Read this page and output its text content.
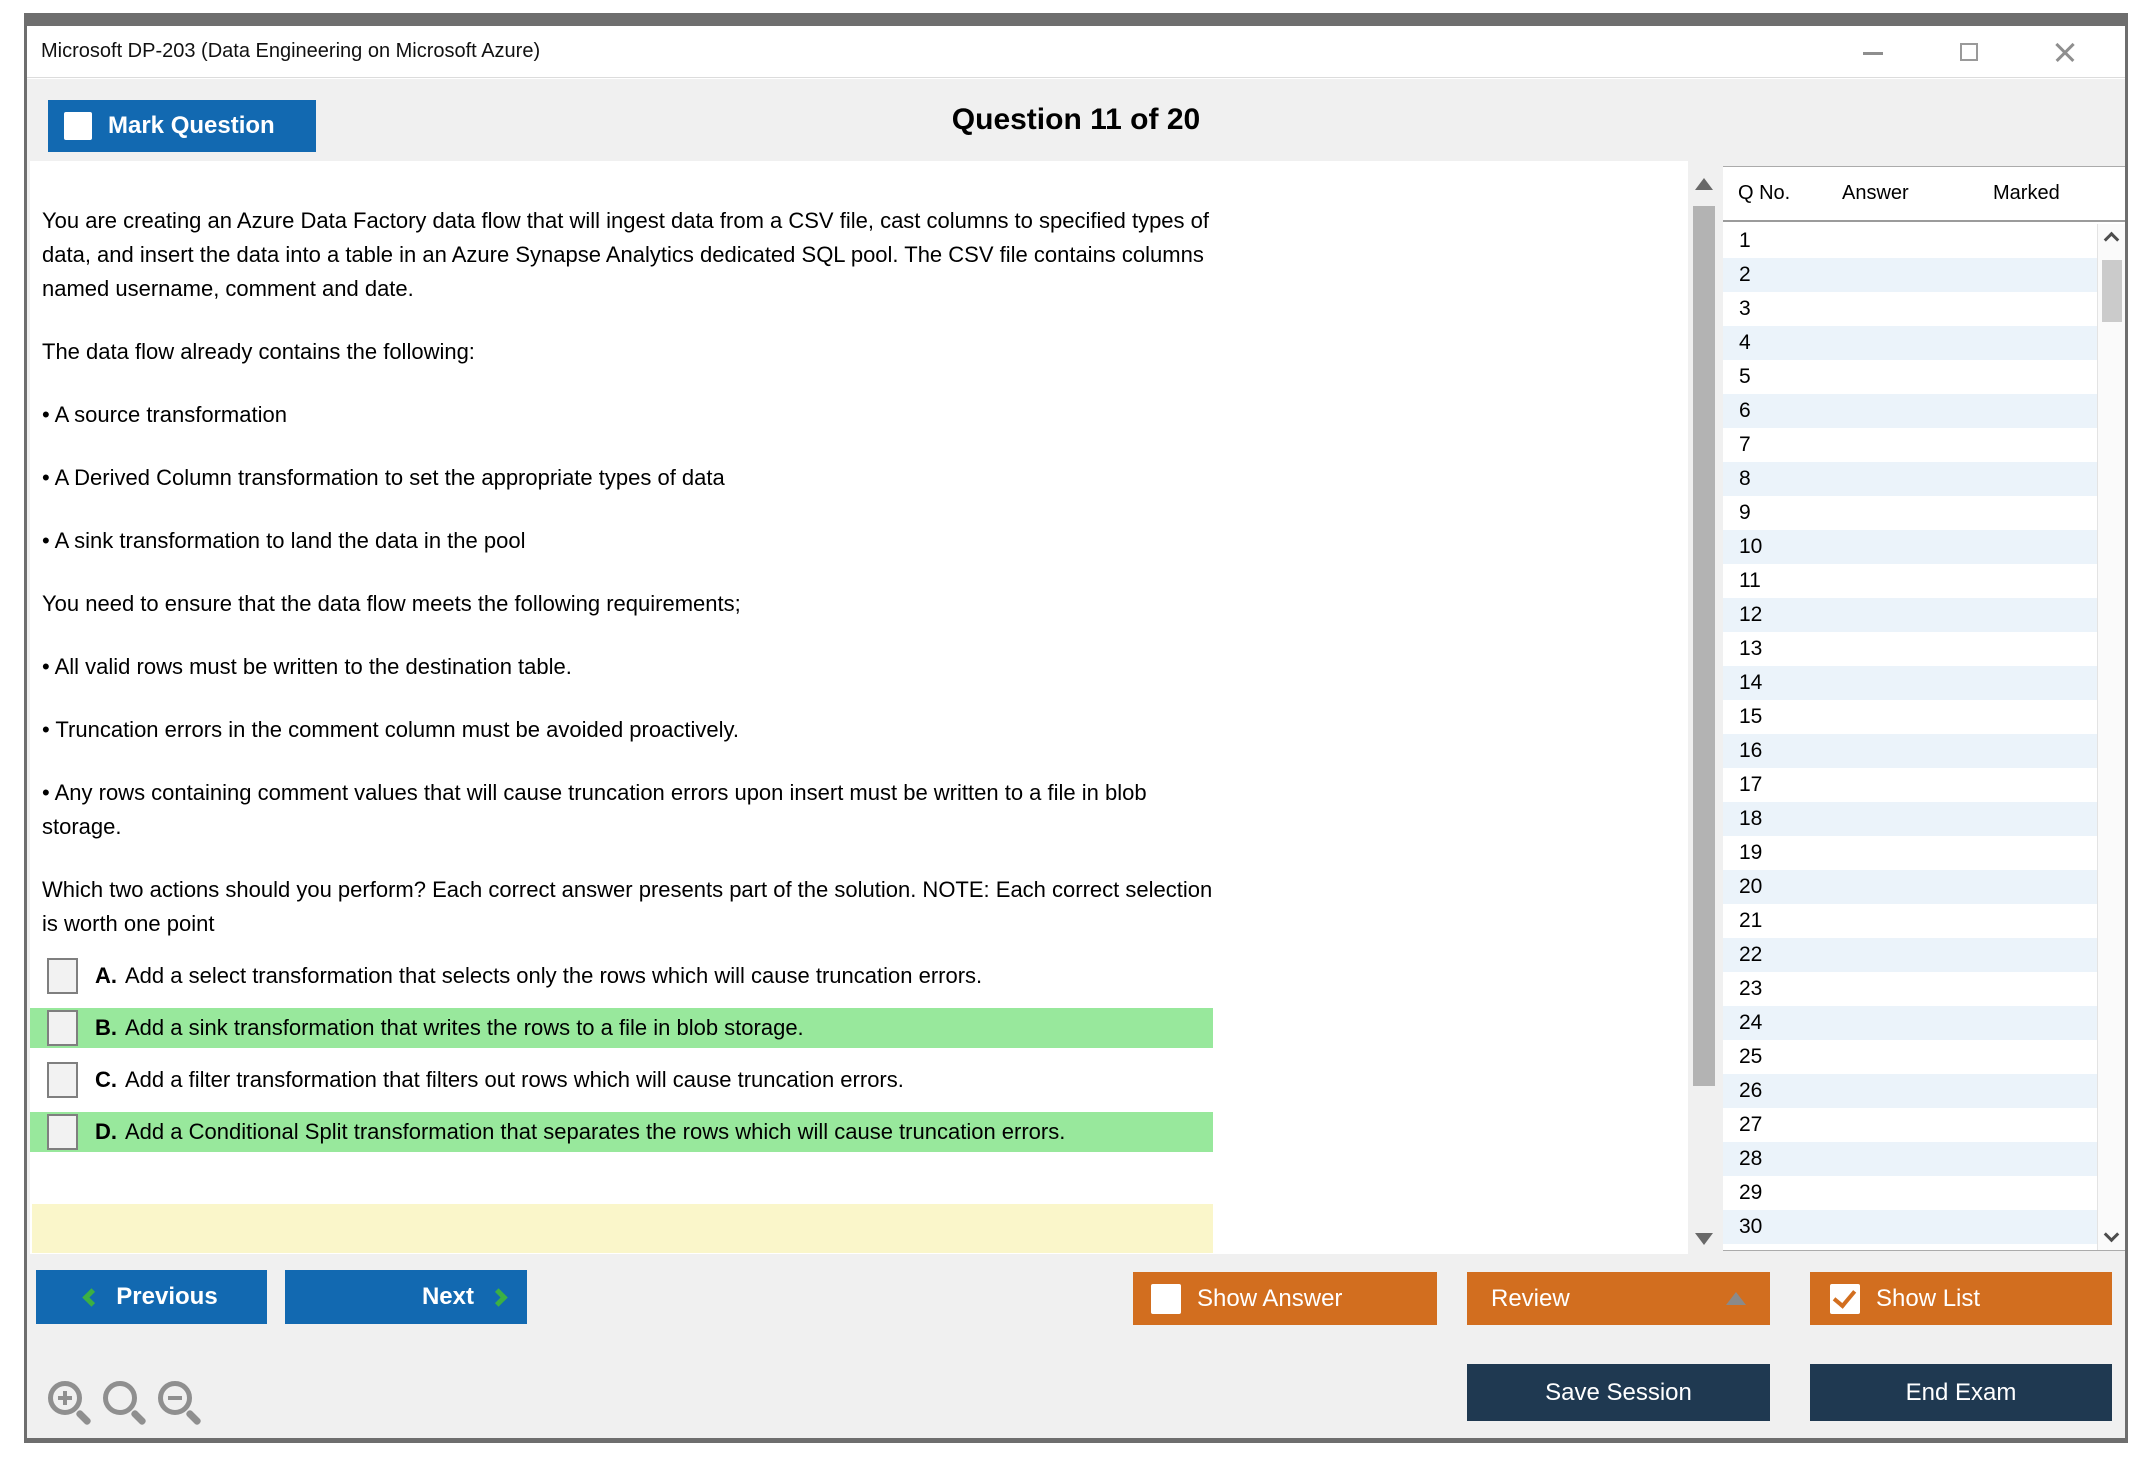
Microsoft DP-203 (Data Engineering on Microsoft Azure)
Question 11 of 20
Mark Question

You are creating an Azure Data Factory data flow that will ingest data from a CSV file, cast columns to specified types of data, and insert the data into a table in an Azure Synapse Analytics dedicated SQL pool. The CSV file contains columns named username, comment and date.

The data flow already contains the following:

• A source transformation

• A Derived Column transformation to set the appropriate types of data

• A sink transformation to land the data in the pool

You need to ensure that the data flow meets the following requirements;

• All valid rows must be written to the destination table.

• Truncation errors in the comment column must be avoided proactively.

• Any rows containing comment values that will cause truncation errors upon insert must be written to a file in blob storage.

Which two actions should you perform? Each correct answer presents part of the solution. NOTE: Each correct selection is worth one point

A. Add a select transformation that selects only the rows which will cause truncation errors.
B. Add a sink transformation that writes the rows to a file in blob storage.
C. Add a filter transformation that filters out rows which will cause truncation errors.
D. Add a Conditional Split transformation that separates the rows which will cause truncation errors.
Q No.	Answer	Marked
1
2
3
4
5
6
7
8
9
10
11
12
13
14
15
16
17
18
19
20
21
22
23
24
25
26
27
28
29
30
Previous	Next	Show Answer	Review	Show List
Save Session	End Exam
